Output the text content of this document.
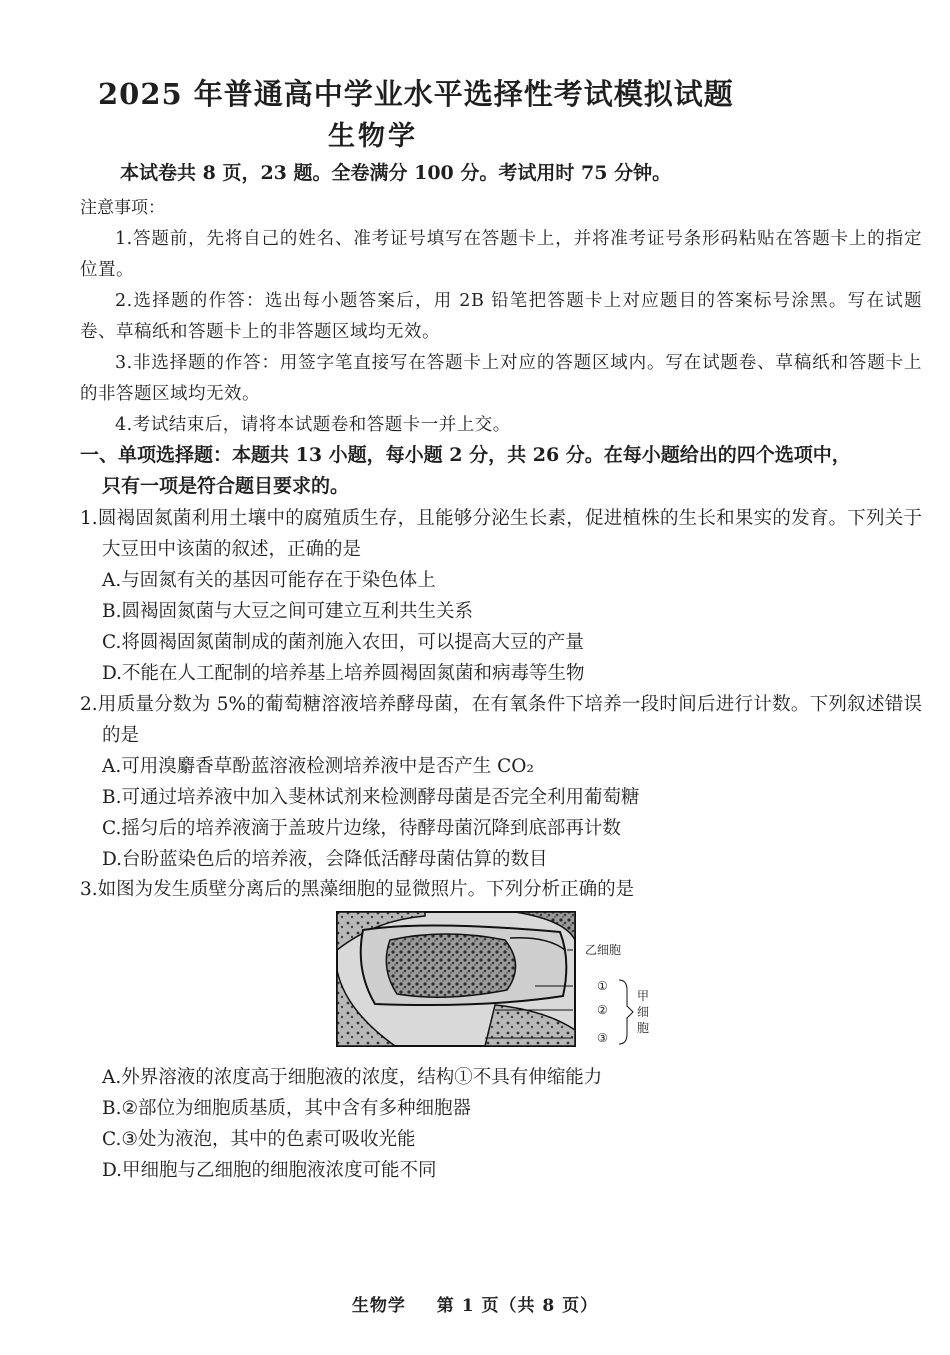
2025 年普通高中学业水平选择性考试模拟试题
生物学
本试卷共 8 页，23 题。全卷满分 100 分。考试用时 75 分钟。
注意事项：

1.答题前，先将自己的姓名、准考证号填写在答题卡上，并将准考证号条形码粘贴在答题卡上的指定位置。

2.选择题的作答：选出每小题答案后，用 2B 铅笔把答题卡上对应题目的答案标号涂黑。写在试题卷、草稿纸和答题卡上的非答题区域均无效。

3.非选择题的作答：用签字笔直接写在答题卡上对应的答题区域内。写在试题卷、草稿纸和答题卡上的非答题区域均无效。

4.考试结束后，请将本试题卷和答题卡一并上交。

一、单项选择题：本题共 13 小题，每小题 2 分，共 26 分。在每小题给出的四个选项中，
只有一项是符合题目要求的。

1.圆褐固氮菌利用土壤中的腐殖质生存，且能够分泌生长素，促进植株的生长和果实的发育。下列关于大豆田中该菌的叙述，正确的是

A.与固氮有关的基因可能存在于染色体上

B.圆褐固氮菌与大豆之间可建立互利共生关系

C.将圆褐固氮菌制成的菌剂施入农田，可以提高大豆的产量

D.不能在人工配制的培养基上培养圆褐固氮菌和病毒等生物

2.用质量分数为 5%的葡萄糖溶液培养酵母菌，在有氧条件下培养一段时间后进行计数。下列叙述错误的是

A.可用溴麝香草酚蓝溶液检测培养液中是否产生 CO₂

B.可通过培养液中加入斐林试剂来检测酵母菌是否完全利用葡萄糖

C.摇匀后的培养液滴于盖玻片边缘，待酵母菌沉降到底部再计数

D.台盼蓝染色后的培养液，会降低活酵母菌估算的数目

3.如图为发生质壁分离后的黑藻细胞的显微照片。下列分析正确的是

乙细胞
①
②
③
甲
细
胞

A.外界溶液的浓度高于细胞液的浓度，结构①不具有伸缩能力

B.②部位为细胞质基质，其中含有多种细胞器

C.③处为液泡，其中的色素可吸收光能

D.甲细胞与乙细胞的细胞液浓度可能不同

生物学 第 1 页（共 8 页）
